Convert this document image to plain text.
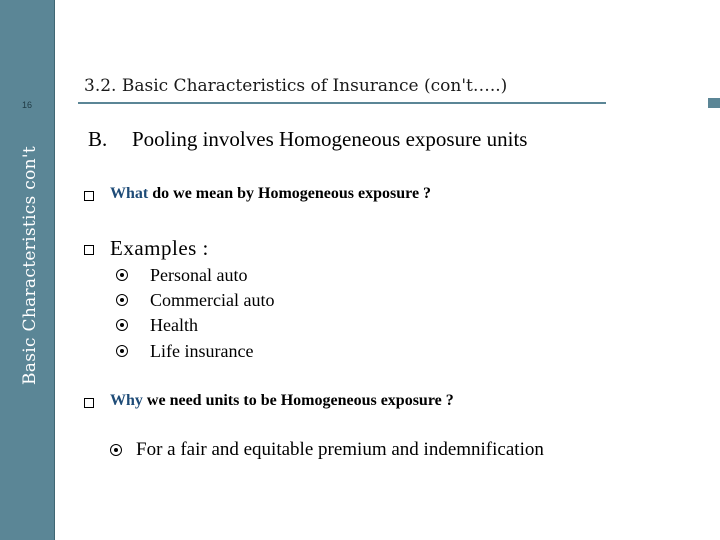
16
Basic Characteristics con't
3.2. Basic Characteristics of Insurance (con't…..)
B. Pooling involves Homogeneous exposure units
What do we mean by Homogeneous exposure ?
Examples :
Personal auto
Commercial auto
Health
Life insurance
Why we need units to be Homogeneous exposure ?
For a fair and equitable premium and indemnification
